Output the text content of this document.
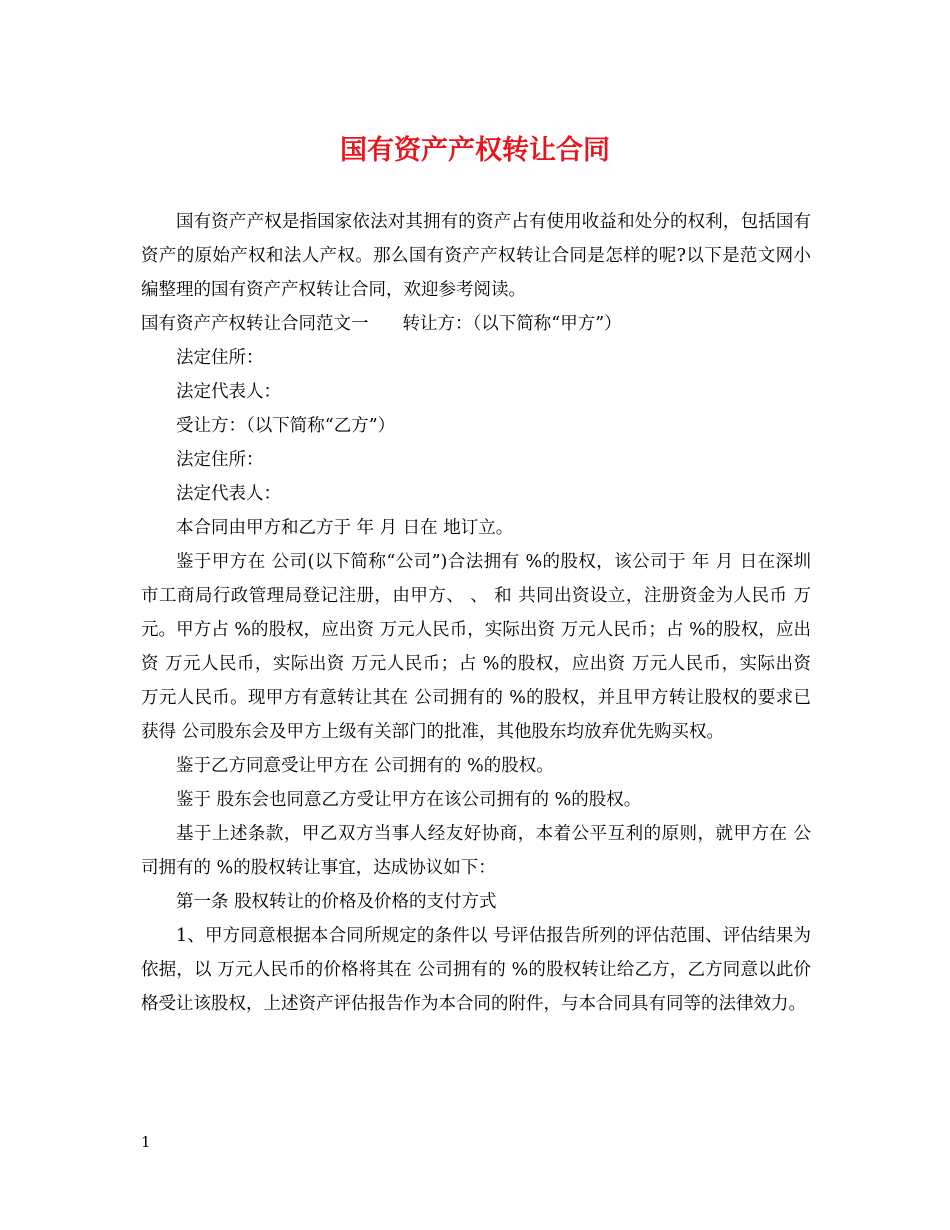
国有资产产权转让合同

国有资产产权是指国家依法对其拥有的资产占有使用收益和处分的权利，包括国有资产的原始产权和法人产权。那么国有资产产权转让合同是怎样的呢?以下是范文网小编整理的国有资产产权转让合同，欢迎参考阅读。

国有资产产权转让合同范文一 转让方：（以下简称“甲方”）

法定住所：

法定代表人：

受让方：（以下简称“乙方”）

法定住所：

法定代表人：

本合同由甲方和乙方于 年 月 日在 地订立。

鉴于甲方在 公司(以下简称“公司”)合法拥有 %的股权，该公司于 年 月 日在深圳市工商局行政管理局登记注册，由甲方、 、 和 共同出资设立，注册资金为人民币 万元。甲方占 %的股权，应出资 万元人民币，实际出资 万元人民币；占 %的股权，应出资 万元人民币，实际出资 万元人民币；占 %的股权，应出资 万元人民币，实际出资 万元人民币。现甲方有意转让其在 公司拥有的 %的股权，并且甲方转让股权的要求已获得 公司股东会及甲方上级有关部门的批准，其他股东均放弃优先购买权。

鉴于乙方同意受让甲方在 公司拥有的 %的股权。

鉴于 股东会也同意乙方受让甲方在该公司拥有的 %的股权。

基于上述条款，甲乙双方当事人经友好协商，本着公平互利的原则，就甲方在 公司拥有的 %的股权转让事宜，达成协议如下：

第一条 股权转让的价格及价格的支付方式

1、甲方同意根据本合同所规定的条件以 号评估报告所列的评估范围、评估结果为依据，以 万元人民币的价格将其在 公司拥有的 %的股权转让给乙方，乙方同意以此价格受让该股权，上述资产评估报告作为本合同的附件，与本合同具有同等的法律效力。

1
